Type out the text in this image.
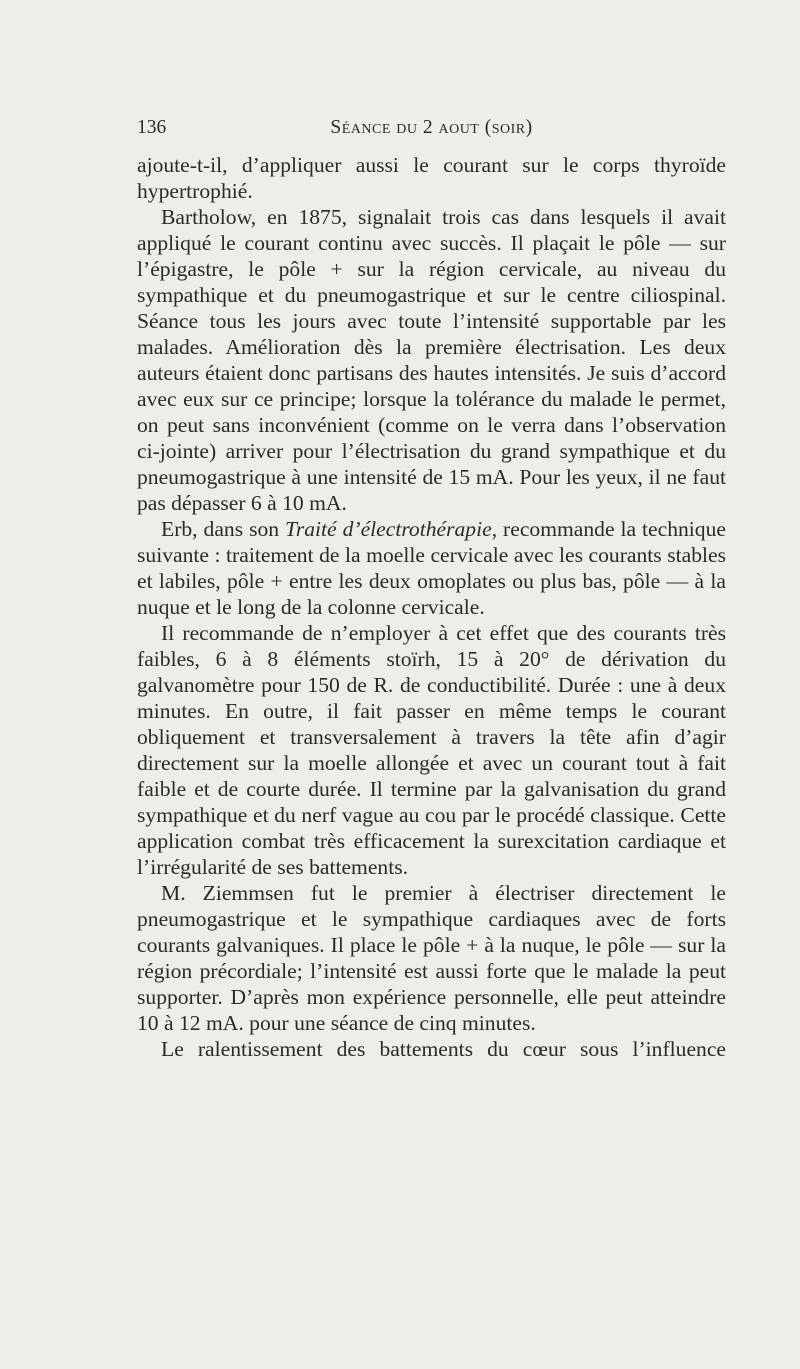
136	Séance du 2 aout (soir)

ajoute-t-il, d’appliquer aussi le courant sur le corps thyroïde hypertrophié.

Bartholow, en 1875, signalait trois cas dans lesquels il avait appliqué le courant continu avec succès. Il plaçait le pôle — sur l’épigastre, le pôle + sur la région cervicale, au niveau du sympathique et du pneumogastrique et sur le centre ciliospinal. Séance tous les jours avec toute l’intensité supportable par les malades. Amélioration dès la première électrisation. Les deux auteurs étaient donc partisans des hautes intensités. Je suis d’accord avec eux sur ce principe; lorsque la tolérance du malade le permet, on peut sans inconvénient (comme on le verra dans l’observation ci-jointe) arriver pour l’électrisation du grand sympathique et du pneumogastrique à une intensité de 15 mA. Pour les yeux, il ne faut pas dépasser 6 à 10 mA.

Erb, dans son Traité d’électrothérapie, recommande la technique suivante : traitement de la moelle cervicale avec les courants stables et labiles, pôle + entre les deux omoplates ou plus bas, pôle — à la nuque et le long de la colonne cervicale.

Il recommande de n’employer à cet effet que des courants très faibles, 6 à 8 éléments stoïrh, 15 à 20° de dérivation du galvanomètre pour 150 de R. de conductibilité. Durée : une à deux minutes. En outre, il fait passer en même temps le courant obliquement et transversalement à travers la tête afin d’agir directement sur la moelle allongée et avec un courant tout à fait faible et de courte durée. Il termine par la galvanisation du grand sympathique et du nerf vague au cou par le procédé classique. Cette application combat très efficacement la surexcitation cardiaque et l’irrégularité de ses battements.

M. Ziemmsen fut le premier à électriser directement le pneumogastrique et le sympathique cardiaques avec de forts courants galvaniques. Il place le pôle + à la nuque, le pôle — sur la région précordiale; l’intensité est aussi forte que le malade la peut supporter. D’après mon expérience personnelle, elle peut atteindre 10 à 12 mA. pour une séance de cinq minutes.

Le ralentissement des battements du cœur sous l’influence
